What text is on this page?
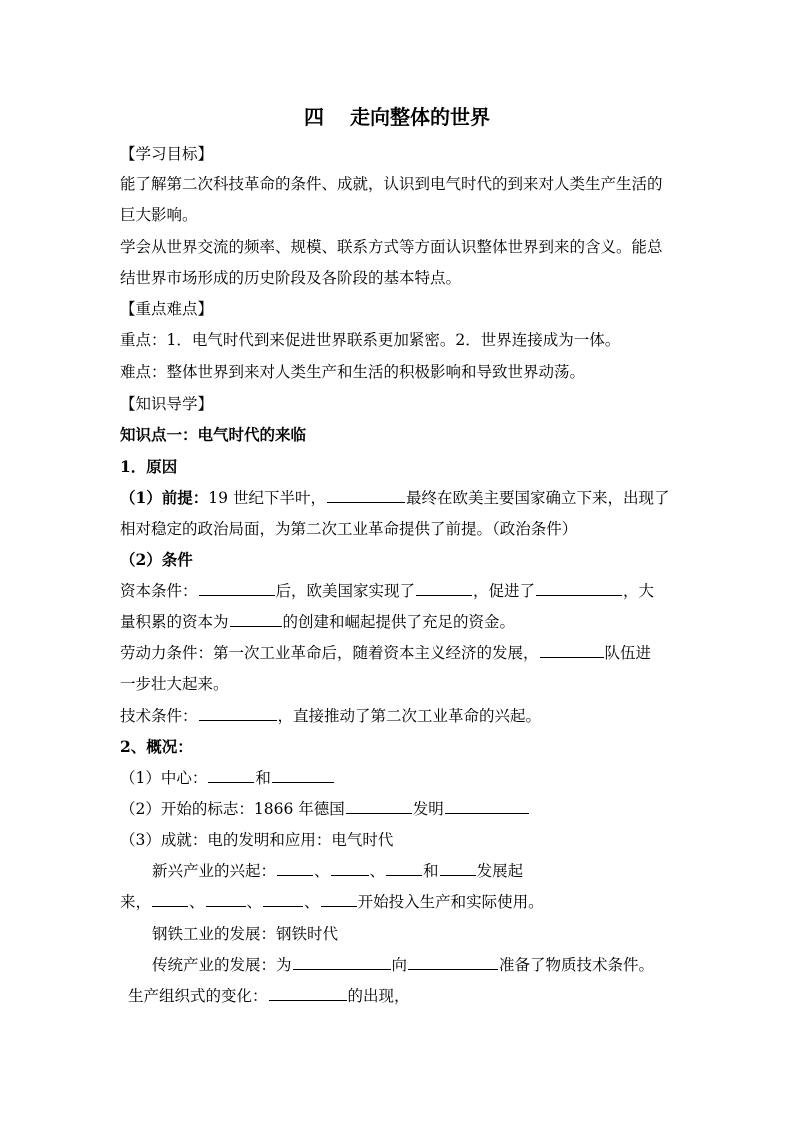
四 走向整体的世界
【学习目标】
能了解第二次科技革命的条件、成就，认识到电气时代的到来对人类生产生活的
巨大影响。
学会从世界交流的频率、规模、联系方式等方面认识整体世界到来的含义。能总
结世界市场形成的历史阶段及各阶段的基本特点。
【重点难点】
重点：1．电气时代到来促进世界联系更加紧密。2．世界连接成为一体。
难点：整体世界到来对人类生产和生活的积极影响和导致世界动荡。
【知识导学】
知识点一：电气时代的来临
1．原因
（1）前提：19 世纪下半叶，	最终在欧美主要国家确立下来，出现了
相对稳定的政治局面，为第二次工业革命提供了前提。（政治条件）
（2）条件
资本条件：	后，欧美国家实现了	，促进了	，大
量积累的资本为	的创建和崛起提供了充足的资金。
劳动力条件：第一次工业革命后，随着资本主义经济的发展，	队伍进
一步壮大起来。
技术条件：	，直接推动了第二次工业革命的兴起。
2、概况：
（1）中心：	和
（2）开始的标志：1866 年德国	发明
（3）成就：电的发明和应用：电气时代
新兴产业的兴起： 、	、 和 发展起
来， 、	、	、 开始投入生产和实际使用。
钢铁工业的发展：钢铁时代
传统产业的发展：为	向	准备了物质技术条件。
生产组织式的变化：	的出现，
